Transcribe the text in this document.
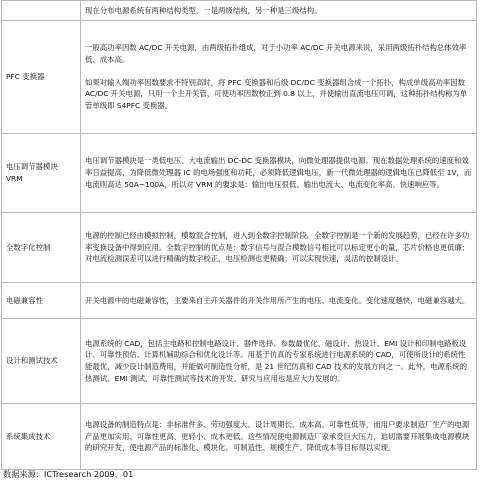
	现在分布电源系统有两种结构类型，一是两级结构，另一种是三级结构。

PFC 变换器	一般高功率因数 AC/DC 开关电源，由两级拓扑组成，对于小功率 AC/DC 开关电源来说，采用两级拓扑结构总体效率低、成本高。

如果对输入端功率因数要求不特别高时，将 PFC 变换器和后级 DC/DC 变换器组合成一个拓扑，构成单级高功率因数 AC/DC 开关电源，只用一个主开关管，可使功率因数校正到 0.8 以上，并使输出直流电压可调，这种拓扑结构称为单管单级即 S4PFC 变换器。

电压调节器模块 VRM	电压调节器模块是一类低电压、大电流输出 DC-DC 变换器模块，向微处理器提供电源。现在数据处理系统的速度和效率日益提高，为降低微处理器 IC 的电场强度和功耗，必须降低逻辑电压，新一代微处理器的逻辑电压已降低至 1V，而电流则高达 50A~100A，所以对 VRM 的要求是：输出电压很低、输出电流大、电流变化率高、快速响应等。

全数字化控制	电源的控制已经由模拟控制，模数混合控制，进入到全数字控制阶段。全数字控制是一个新的发展趋势，已经在许多功率变换设备中得到应用。全数字控制的优点是：数字信号与混合模数信号相比可以标定更小的量，芯片价格也更低廉；对电流检测误差可以进行精确的数字校正，电压检测也更精确；可以实现快速，灵活的控制设计。

电磁兼容性	开关电源中的电磁兼容性，主要来自主开关器件的开关作用所产生的电压、电流变化。变化速度越快，电磁兼容越大。

设计和测试技术	电源系统的 CAD，包括主电路和控制电路设计、器件选择、参数最优化、磁设计、热设计、EMI 设计和印制电路板设计、可靠性预估、计算机辅助综合和优化设计等。用基于仿真的专家系统进行电源系统的 CAD，可使所设计的系统性能最优，减少设计制造费用，并能做可制造性分析，是 21 世纪仿真和 CAD 技术的发展方向之一。此外，电源系统的热测试、EMI 测试、可靠性测试等技术的开发、研究与应用也是应大力发展的。

系统集成技术	电源设备的制造特点是：非标准件多、劳动强度大、设计周期长、成本高、可靠性低等，而用户要求制造厂生产的电源产品更加实用、可靠性更高、更轻小、成本更低。这些情况使电源制造厂家承受巨大压力，迫切需要开展集成电源模块的研究开发，使电源产品的标准化、模块化、可制造性、规模生产、降低成本等目标得以实现。

数据来源：ICTresearch 2009，01
